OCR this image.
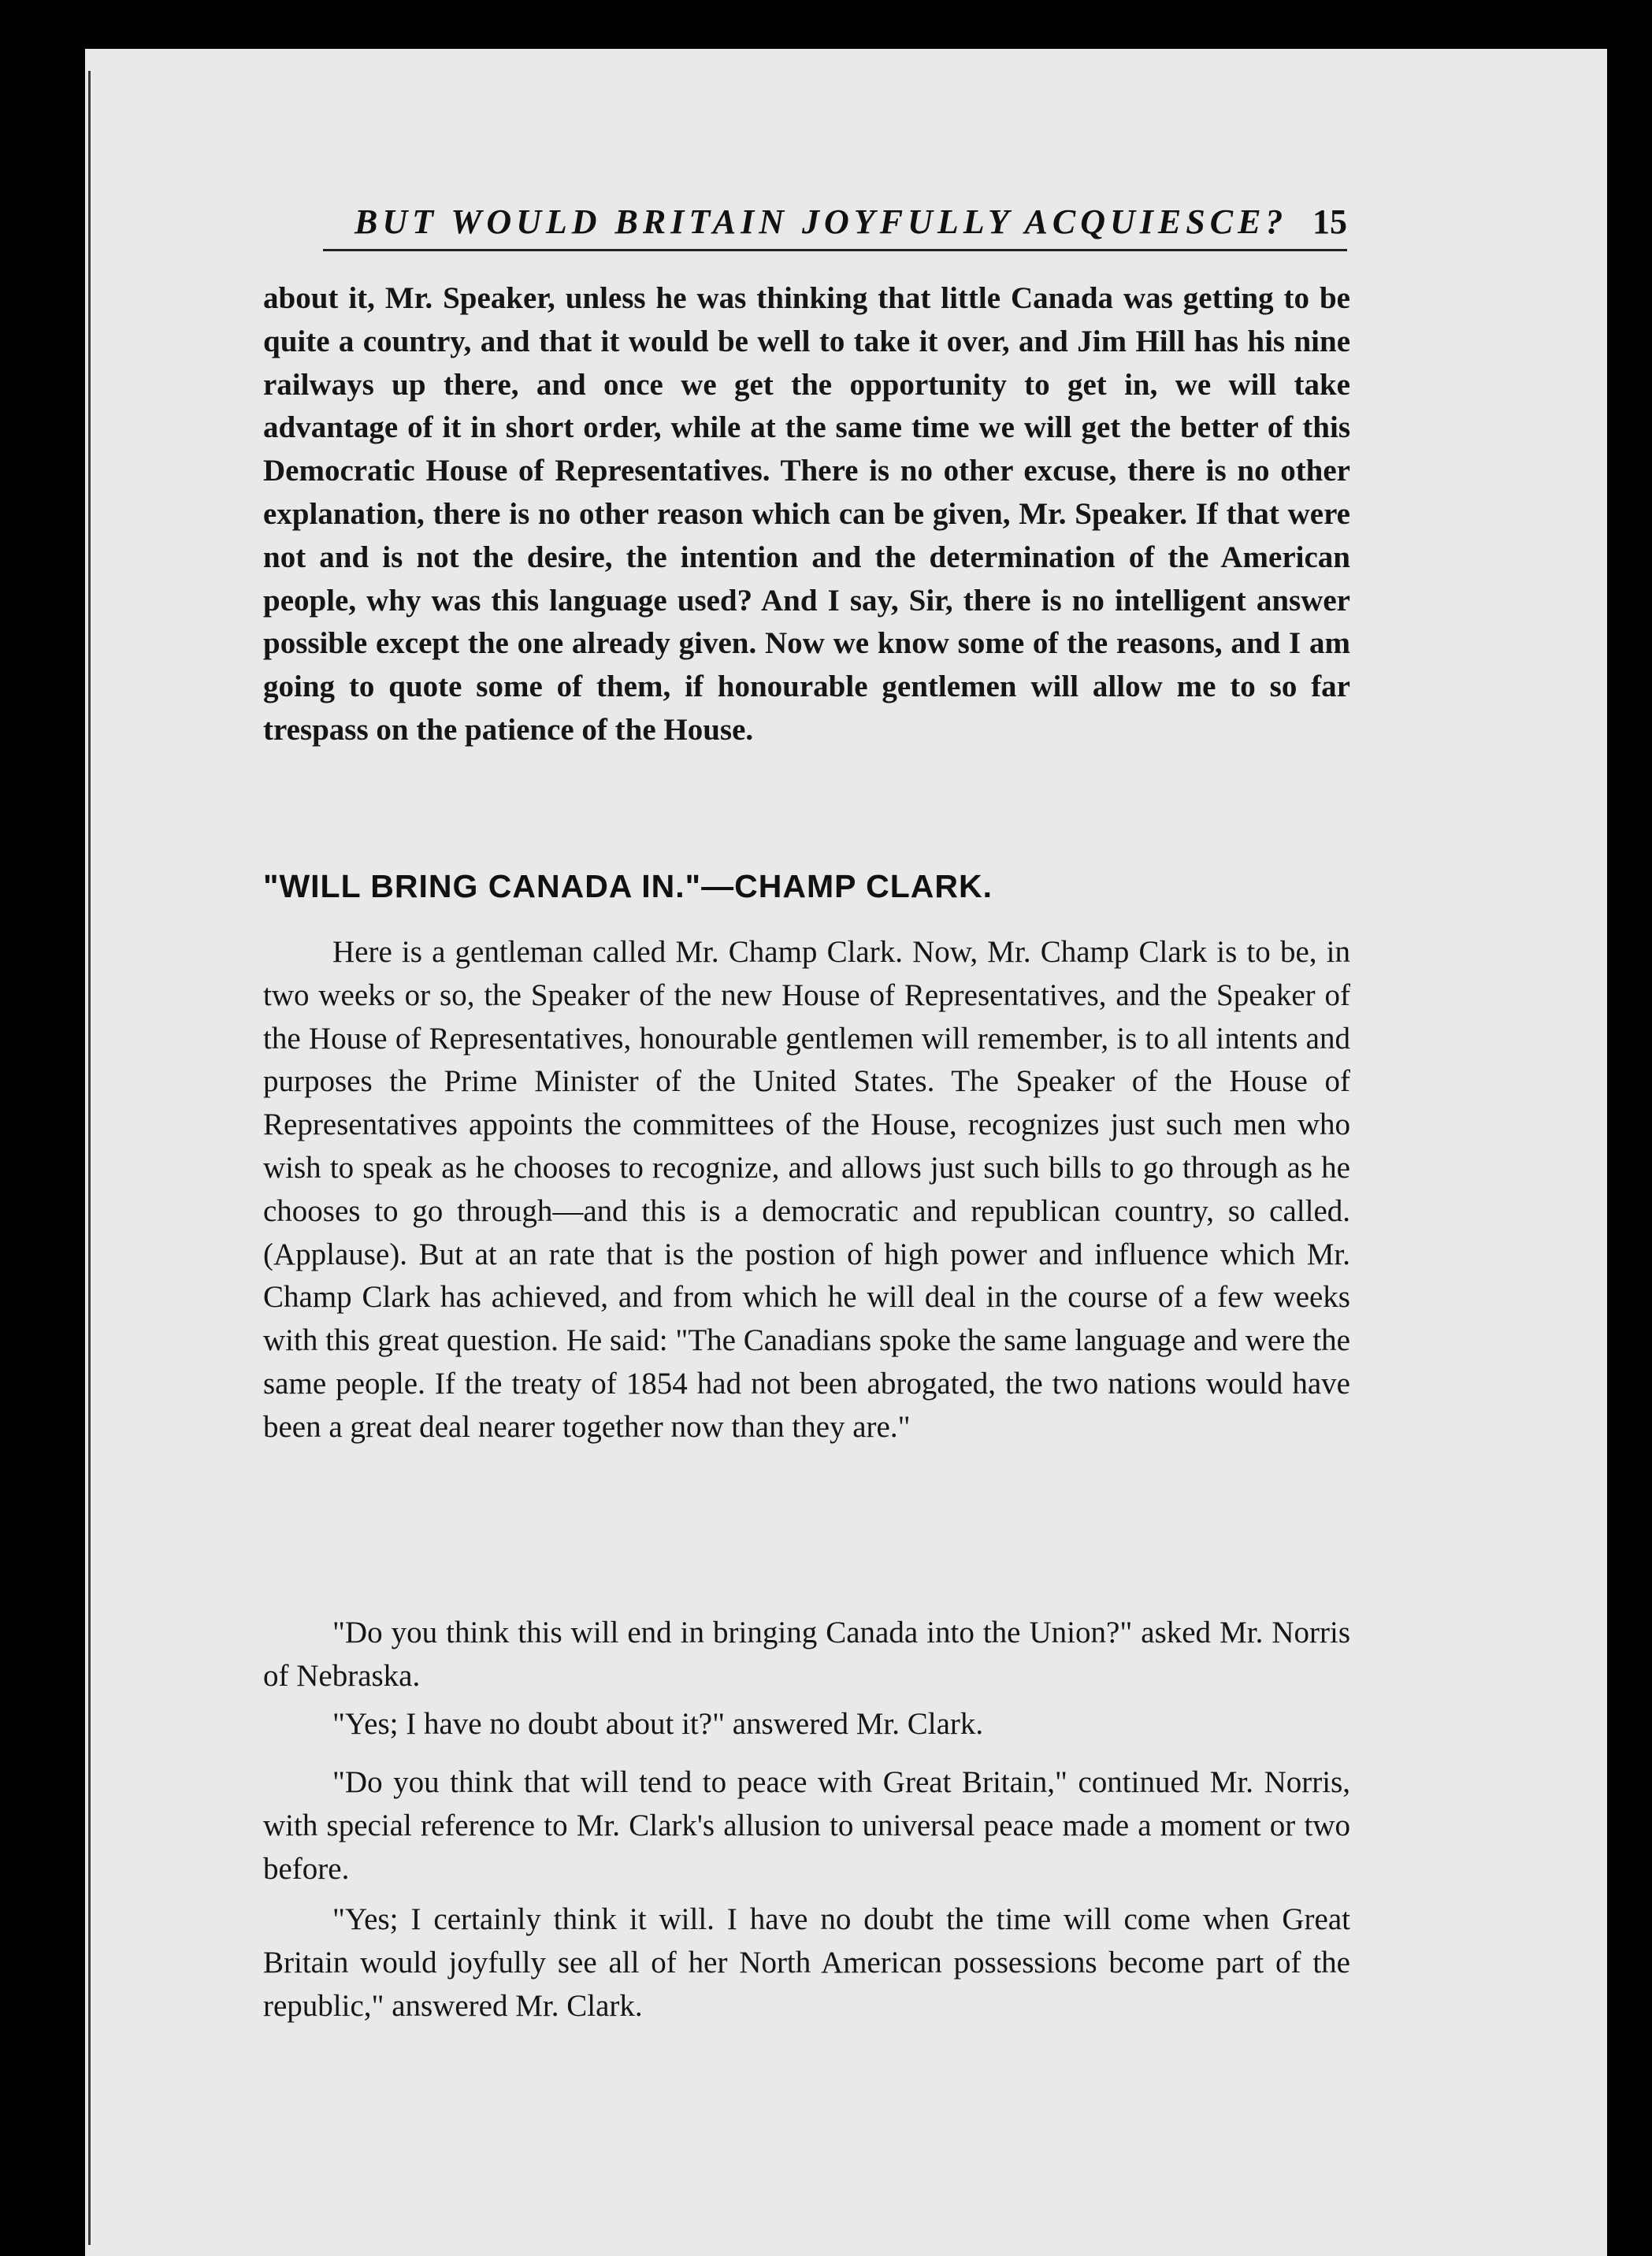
BUT WOULD BRITAIN JOYFULLY ACQUIESCE? 15

about it, Mr. Speaker, unless he was thinking that little Canada was getting to be quite a country, and that it would be well to take it over, and Jim Hill has his nine railways up there, and once we get the opportunity to get in, we will take advantage of it in short order, while at the same time we will get the better of this Democratic House of Representatives. There is no other excuse, there is no other explanation, there is no other reason which can be given, Mr. Speaker. If that were not and is not the desire, the intention and the determination of the American people, why was this language used? And I say, Sir, there is no intelligent answer possible except the one already given. Now we know some of the reasons, and I am going to quote some of them, if honourable gentlemen will allow me to so far trespass on the patience of the House.

"WILL BRING CANADA IN."—CHAMP CLARK.

Here is a gentleman called Mr. Champ Clark. Now, Mr. Champ Clark is to be, in two weeks or so, the Speaker of the new House of Representatives, and the Speaker of the House of Representatives, honourable gentlemen will remember, is to all intents and purposes the Prime Minister of the United States. The Speaker of the House of Representatives appoints the committees of the House, recognizes just such men who wish to speak as he chooses to recognize, and allows just such bills to go through as he chooses to go through—and this is a democratic and republican country, so called. (Applause). But at an rate that is the postion of high power and influence which Mr. Champ Clark has achieved, and from which he will deal in the course of a few weeks with this great question. He said: "The Canadians spoke the same language and were the same people. If the treaty of 1854 had not been abrogated, the two nations would have been a great deal nearer together now than they are."

"Do you think this will end in bringing Canada into the Union?" asked Mr. Norris of Nebraska.

"Yes; I have no doubt about it?" answered Mr. Clark.

"Do you think that will tend to peace with Great Britain," continued Mr. Norris, with special reference to Mr. Clark's allusion to universal peace made a moment or two before.

"Yes; I certainly think it will. I have no doubt the time will come when Great Britain would joyfully see all of her North American possessions become part of the republic," answered Mr. Clark.
